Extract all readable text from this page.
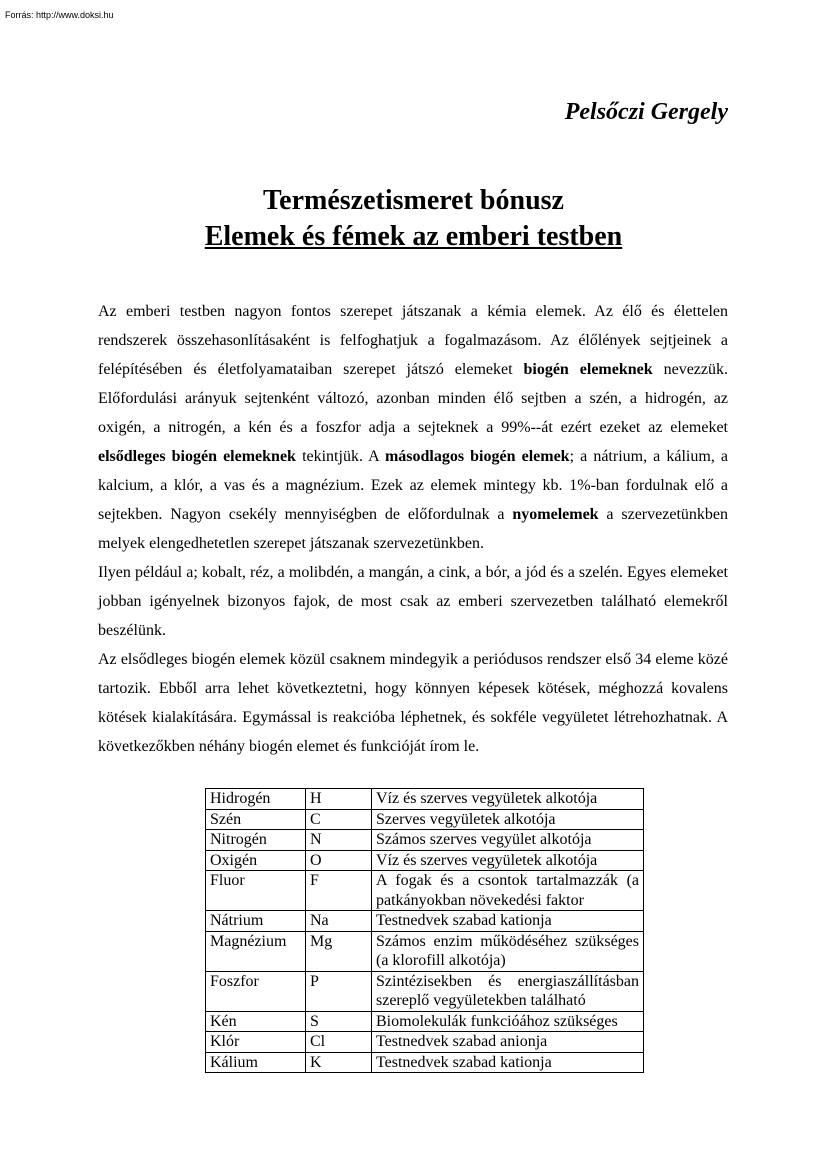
Forrás: http://www.doksi.hu
Pelsőczi Gergely
Természetismeret bónusz
Elemek és fémek az emberi testben

Az emberi testben nagyon fontos szerepet játszanak a kémia elemek. Az élő és élettelen rendszerek összehasonlításaként is felfoghatjuk a fogalmazásom. Az élőlények sejtjeinek a felépítésében és életfolyamataiban szerepet játszó elemeket biogén elemeknek nevezzük. Előfordulási arányuk sejtenként változó, azonban minden élő sejtben a szén, a hidrogén, az oxigén, a nitrogén, a kén és a foszfor adja a sejteknek a 99%--át ezért ezeket az elemeket elsődleges biogén elemeknek tekintjük. A másodlagos biogén elemek; a nátrium, a kálium, a kalcium, a klór, a vas és a magnézium. Ezek az elemek mintegy kb. 1%-ban fordulnak elő a sejtekben. Nagyon csekély mennyiségben de előfordulnak a nyomelemek a szervezetünkben melyek elengedhetetlen szerepet játszanak szervezetünkben.

Ilyen például a; kobalt, réz, a molibdén, a mangán, a cink, a bór, a jód és a szelén. Egyes elemeket jobban igényelnek bizonyos fajok, de most csak az emberi szervezetben található elemekről beszélünk.

Az elsődleges biogén elemek közül csaknem mindegyik a periódusos rendszer első 34 eleme közé tartozik. Ebből arra lehet következtetni, hogy könnyen képesek kötések, méghozzá kovalens kötések kialakítására. Egymással is reakcióba léphetnek, és sokféle vegyületet létrehozhatnak. A következőkben néhány biogén elemet és funkcióját írom le.

Hidrogén	H	Víz és szerves vegyületek alkotója
Szén	C	Szerves vegyületek alkotója
Nitrogén	N	Számos szerves vegyület alkotója
Oxigén	O	Víz és szerves vegyületek alkotója
Fluor	F	A fogak és a csontok tartalmazzák (a patkányokban növekedési faktor
Nátrium	Na	Testnedvek szabad kationja
Magnézium	Mg	Számos enzim működéséhez szükséges (a klorofill alkotója)
Foszfor	P	Szintézisekben és energiaszállításban szereplő vegyületekben található
Kén	S	Biomolekulák funkcióához szükséges
Klór	Cl	Testnedvek szabad anionja
Kálium	K	Testnedvek szabad kationja
